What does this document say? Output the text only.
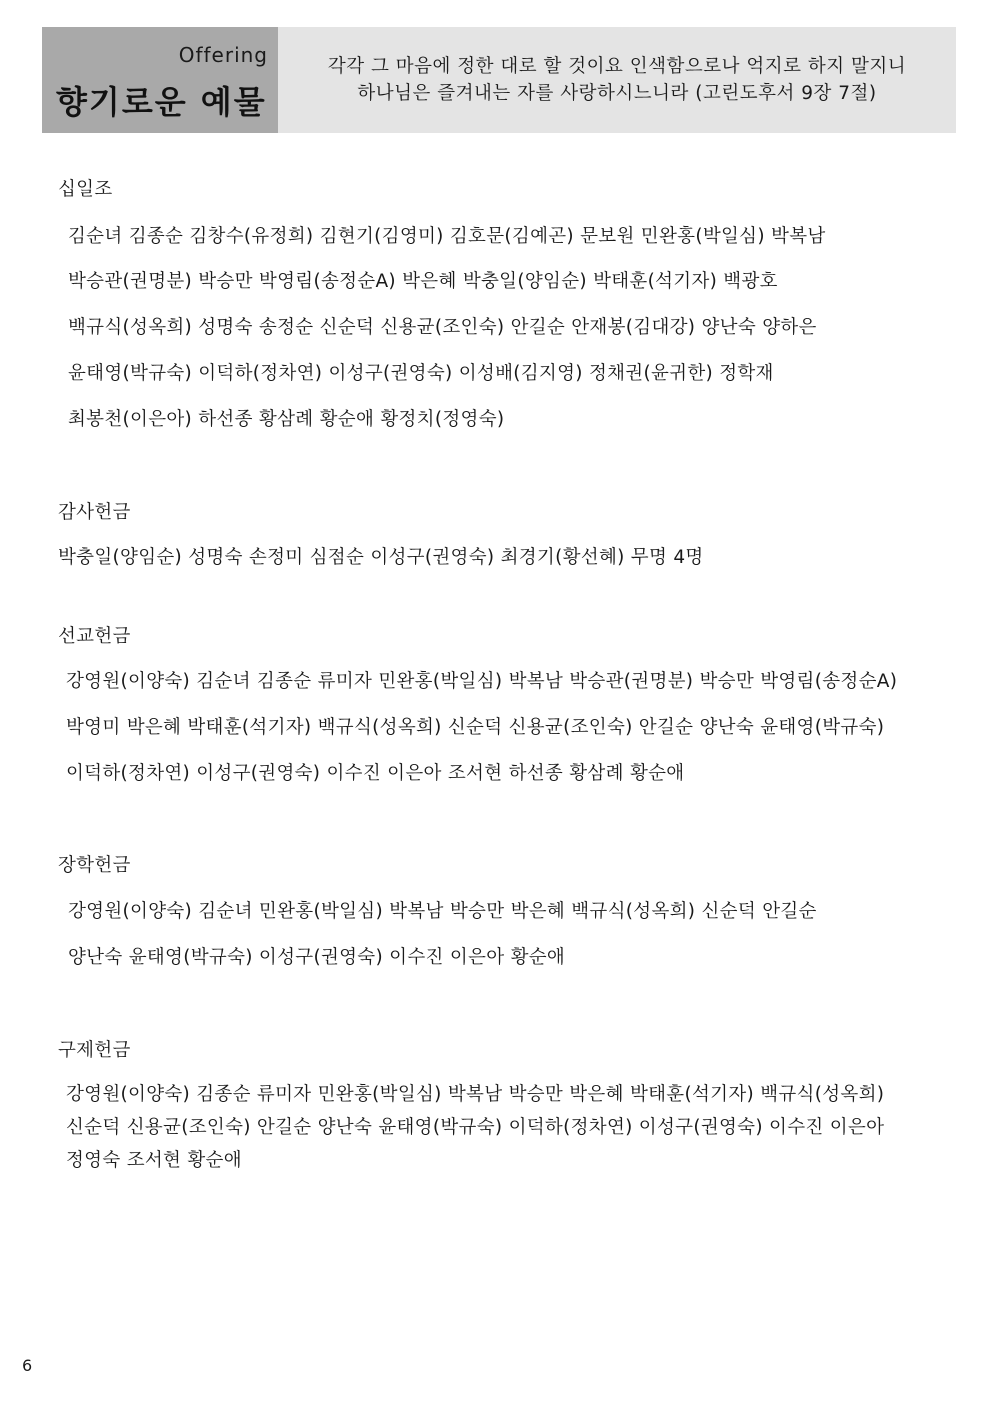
Offering
향기로운 예물
각각 그 마음에 정한 대로 할 것이요 인색함으로나 억지로 하지 말지니
하나님은 즐겨내는 자를 사랑하시느니라 (고린도후서 9장 7절)
십일조
김순녀 김종순 김창수(유정희) 김현기(김영미) 김호문(김예곤) 문보원 민완홍(박일심) 박복남
박승관(권명분) 박승만 박영림(송정순A) 박은혜 박충일(양임순) 박태훈(석기자) 백광호
백규식(성옥희) 성명숙 송정순 신순덕 신용균(조인숙) 안길순 안재봉(김대강) 양난숙 양하은
윤태영(박규숙) 이덕하(정차연) 이성구(권영숙) 이성배(김지영) 정채권(윤귀한) 정학재
최봉천(이은아) 하선종 황삼례 황순애 황정치(정영숙)
감사헌금
박충일(양임순) 성명숙 손정미 심점순 이성구(권영숙) 최경기(황선혜) 무명 4명
선교헌금
강영원(이양숙) 김순녀 김종순 류미자 민완홍(박일심) 박복남 박승관(권명분) 박승만 박영림(송정순A)
박영미 박은혜 박태훈(석기자) 백규식(성옥희) 신순덕 신용균(조인숙) 안길순 양난숙 윤태영(박규숙)
이덕하(정차연) 이성구(권영숙) 이수진 이은아 조서현 하선종 황삼례 황순애
장학헌금
강영원(이양숙) 김순녀 민완홍(박일심) 박복남 박승만 박은혜 백규식(성옥희) 신순덕 안길순
양난숙 윤태영(박규숙) 이성구(권영숙) 이수진 이은아 황순애
구제헌금
강영원(이양숙) 김종순 류미자 민완홍(박일심) 박복남 박승만 박은혜 박태훈(석기자) 백규식(성옥희)
신순덕 신용균(조인숙) 안길순 양난숙 윤태영(박규숙) 이덕하(정차연) 이성구(권영숙) 이수진 이은아
정영숙 조서현 황순애
6
